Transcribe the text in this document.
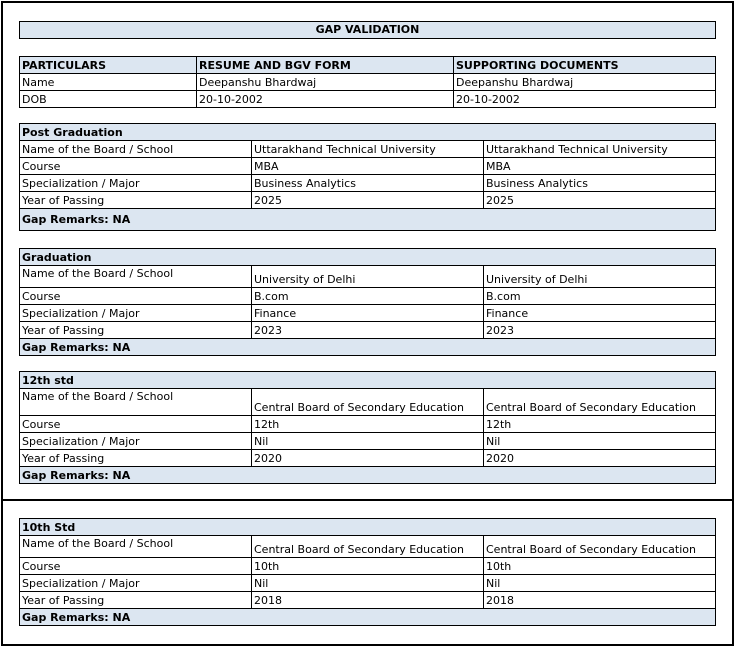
GAP VALIDATION
PARTICULARS	RESUME AND BGV FORM	SUPPORTING DOCUMENTS
Name	Deepanshu Bhardwaj	Deepanshu Bhardwaj
DOB	20-10-2002	20-10-2002
Post Graduation		
Name of the Board / School	Uttarakhand Technical University	Uttarakhand Technical University
Course	MBA	MBA
Specialization / Major	Business Analytics	Business Analytics
Year of Passing	2025	2025
Gap Remarks: NA		
Graduation		
Name of the Board / School	University of Delhi	University of Delhi
Course	B.com	B.com
Specialization / Major	Finance	Finance
Year of Passing	2023	2023
Gap Remarks: NA		
12th std		
Name of the Board / School	Central Board of Secondary Education	Central Board of Secondary Education
Course	12th	12th
Specialization / Major	Nil	Nil
Year of Passing	2020	2020
Gap Remarks: NA		
10th Std		
Name of the Board / School	Central Board of Secondary Education	Central Board of Secondary Education
Course	10th	10th
Specialization / Major	Nil	Nil
Year of Passing	2018	2018
Gap Remarks: NA		
